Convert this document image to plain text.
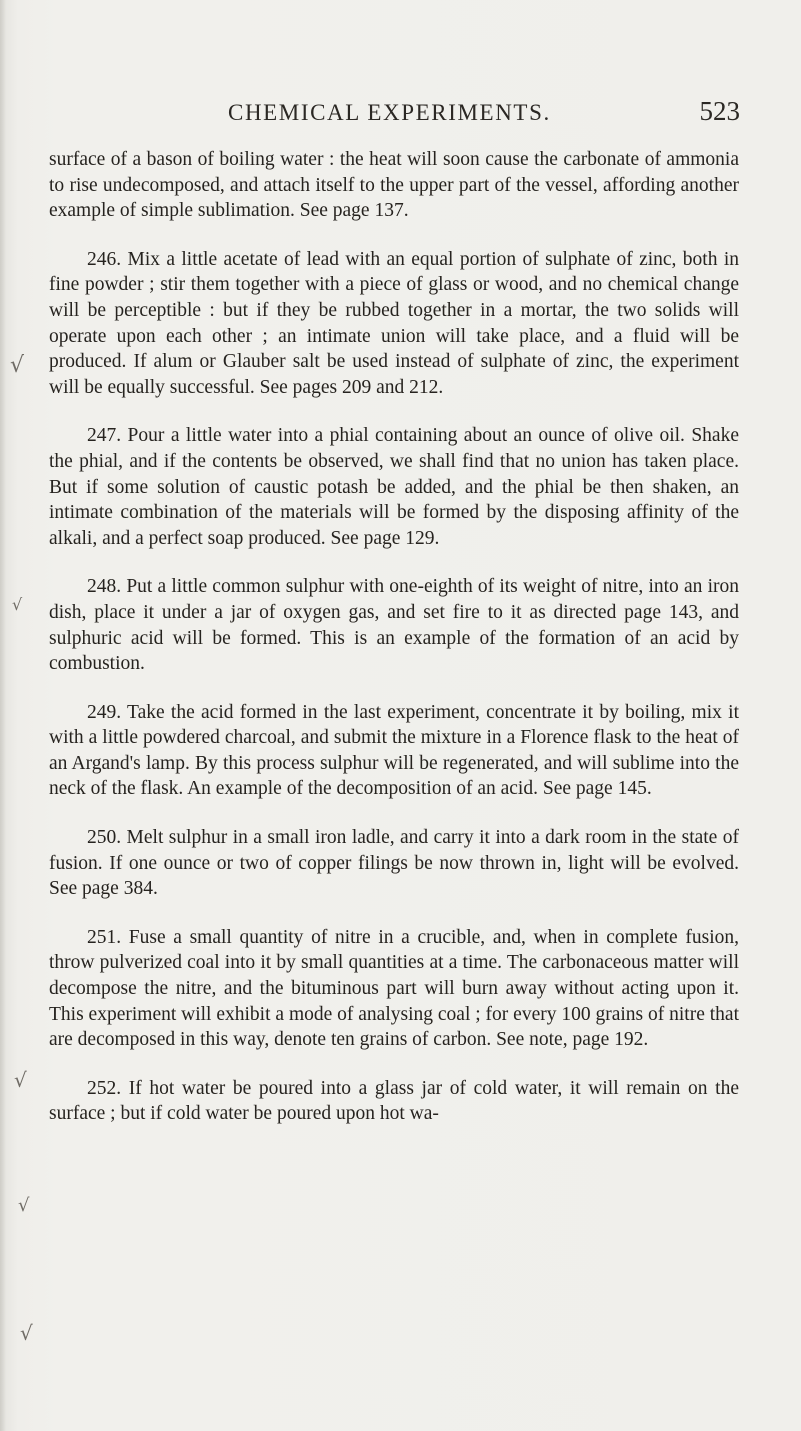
CHEMICAL EXPERIMENTS.	523
√
√
√
√
√

surface of a bason of boiling water : the heat will soon cause the carbonate of ammonia to rise undecomposed, and attach itself to the upper part of the vessel, affording another example of simple sublimation. See page 137.

246. Mix a little acetate of lead with an equal portion of sulphate of zinc, both in fine powder ; stir them together with a piece of glass or wood, and no chemical change will be perceptible : but if they be rubbed together in a mortar, the two solids will operate upon each other ; an intimate union will take place, and a fluid will be produced. If alum or Glauber salt be used instead of sulphate of zinc, the experiment will be equally successful. See pages 209 and 212.

247. Pour a little water into a phial containing about an ounce of olive oil. Shake the phial, and if the contents be observed, we shall find that no union has taken place. But if some solution of caustic potash be added, and the phial be then shaken, an intimate combination of the materials will be formed by the disposing affinity of the alkali, and a perfect soap produced. See page 129.

248. Put a little common sulphur with one-eighth of its weight of nitre, into an iron dish, place it under a jar of oxygen gas, and set fire to it as directed page 143, and sulphuric acid will be formed. This is an example of the formation of an acid by combustion.

249. Take the acid formed in the last experiment, concentrate it by boiling, mix it with a little powdered charcoal, and submit the mixture in a Florence flask to the heat of an Argand's lamp. By this process sulphur will be regenerated, and will sublime into the neck of the flask. An example of the decomposition of an acid. See page 145.

250. Melt sulphur in a small iron ladle, and carry it into a dark room in the state of fusion. If one ounce or two of copper filings be now thrown in, light will be evolved. See page 384.

251. Fuse a small quantity of nitre in a crucible, and, when in complete fusion, throw pulverized coal into it by small quantities at a time. The carbonaceous matter will decompose the nitre, and the bituminous part will burn away without acting upon it. This experiment will exhibit a mode of analysing coal ; for every 100 grains of nitre that are decomposed in this way, denote ten grains of carbon. See note, page 192.

252. If hot water be poured into a glass jar of cold water, it will remain on the surface ; but if cold water be poured upon hot wa-
